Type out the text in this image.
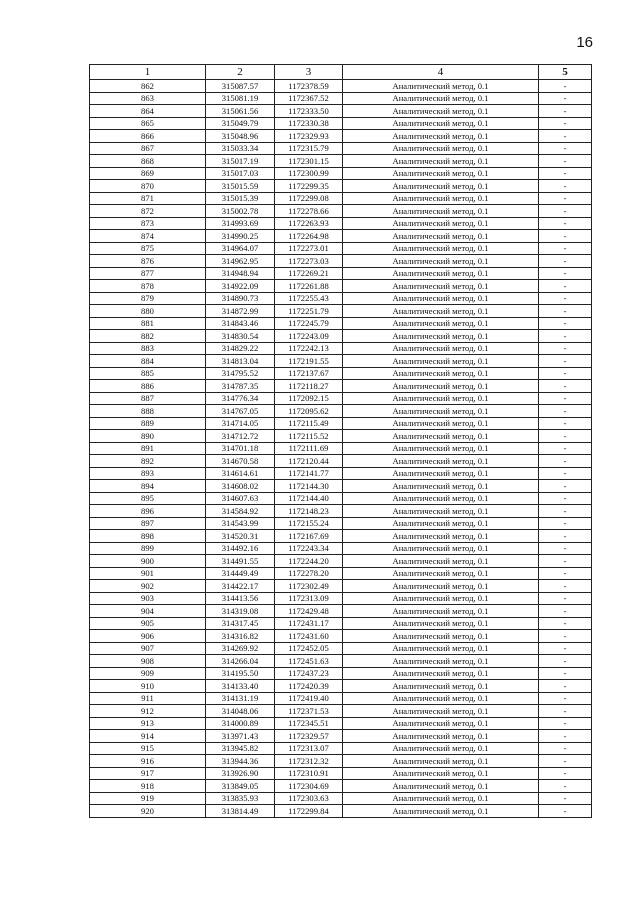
16
1	2	3	4	5
862	315087.57	1172378.59	Аналитический метод, 0.1	-
863	315081.19	1172367.52	Аналитический метод, 0.1	-
864	315061.56	1172333.50	Аналитический метод, 0.1	-
865	315049.79	1172330.38	Аналитический метод, 0.1	-
866	315048.96	1172329.93	Аналитический метод, 0.1	-
867	315033.34	1172315.79	Аналитический метод, 0.1	-
868	315017.19	1172301.15	Аналитический метод, 0.1	-
869	315017.03	1172300.99	Аналитический метод, 0.1	-
870	315015.59	1172299.35	Аналитический метод, 0.1	-
871	315015.39	1172299.08	Аналитический метод, 0.1	-
872	315002.78	1172278.66	Аналитический метод, 0.1	-
873	314993.69	1172263.93	Аналитический метод, 0.1	-
874	314990.25	1172264.98	Аналитический метод, 0.1	-
875	314964.07	1172273.01	Аналитический метод, 0.1	-
876	314962.95	1172273.03	Аналитический метод, 0.1	-
877	314948.94	1172269.21	Аналитический метод, 0.1	-
878	314922.09	1172261.88	Аналитический метод, 0.1	-
879	314890.73	1172255.43	Аналитический метод, 0.1	-
880	314872.99	1172251.79	Аналитический метод, 0.1	-
881	314843.46	1172245.79	Аналитический метод, 0.1	-
882	314830.54	1172243.09	Аналитический метод, 0.1	-
883	314829.22	1172242.13	Аналитический метод, 0.1	-
884	314813.04	1172191.55	Аналитический метод, 0.1	-
885	314795.52	1172137.67	Аналитический метод, 0.1	-
886	314787.35	1172118.27	Аналитический метод, 0.1	-
887	314776.34	1172092.15	Аналитический метод, 0.1	-
888	314767.05	1172095.62	Аналитический метод, 0.1	-
889	314714.05	1172115.49	Аналитический метод, 0.1	-
890	314712.72	1172115.52	Аналитический метод, 0.1	-
891	314701.18	1172111.69	Аналитический метод, 0.1	-
892	314670.58	1172120.44	Аналитический метод, 0.1	-
893	314614.61	1172141.77	Аналитический метод, 0.1	-
894	314608.02	1172144.30	Аналитический метод, 0.1	-
895	314607.63	1172144.40	Аналитический метод, 0.1	-
896	314584.92	1172148.23	Аналитический метод, 0.1	-
897	314543.99	1172155.24	Аналитический метод, 0.1	-
898	314520.31	1172167.69	Аналитический метод, 0.1	-
899	314492.16	1172243.34	Аналитический метод, 0.1	-
900	314491.55	1172244.20	Аналитический метод, 0.1	-
901	314449.49	1172278.20	Аналитический метод, 0.1	-
902	314422.17	1172302.49	Аналитический метод, 0.1	-
903	314413.56	1172313.09	Аналитический метод, 0.1	-
904	314319.08	1172429.48	Аналитический метод, 0.1	-
905	314317.45	1172431.17	Аналитический метод, 0.1	-
906	314316.82	1172431.60	Аналитический метод, 0.1	-
907	314269.92	1172452.05	Аналитический метод, 0.1	-
908	314266.04	1172451.63	Аналитический метод, 0.1	-
909	314195.50	1172437.23	Аналитический метод, 0.1	-
910	314133.40	1172420.39	Аналитический метод, 0.1	-
911	314131.19	1172419.40	Аналитический метод, 0.1	-
912	314048.06	1172371.53	Аналитический метод, 0.1	-
913	314000.89	1172345.51	Аналитический метод, 0.1	-
914	313971.43	1172329.57	Аналитический метод, 0.1	-
915	313945.82	1172313.07	Аналитический метод, 0.1	-
916	313944.36	1172312.32	Аналитический метод, 0.1	-
917	313926.90	1172310.91	Аналитический метод, 0.1	-
918	313849.05	1172304.69	Аналитический метод, 0.1	-
919	313835.93	1172303.63	Аналитический метод, 0.1	-
920	313814.49	1172299.84	Аналитический метод, 0.1	-
